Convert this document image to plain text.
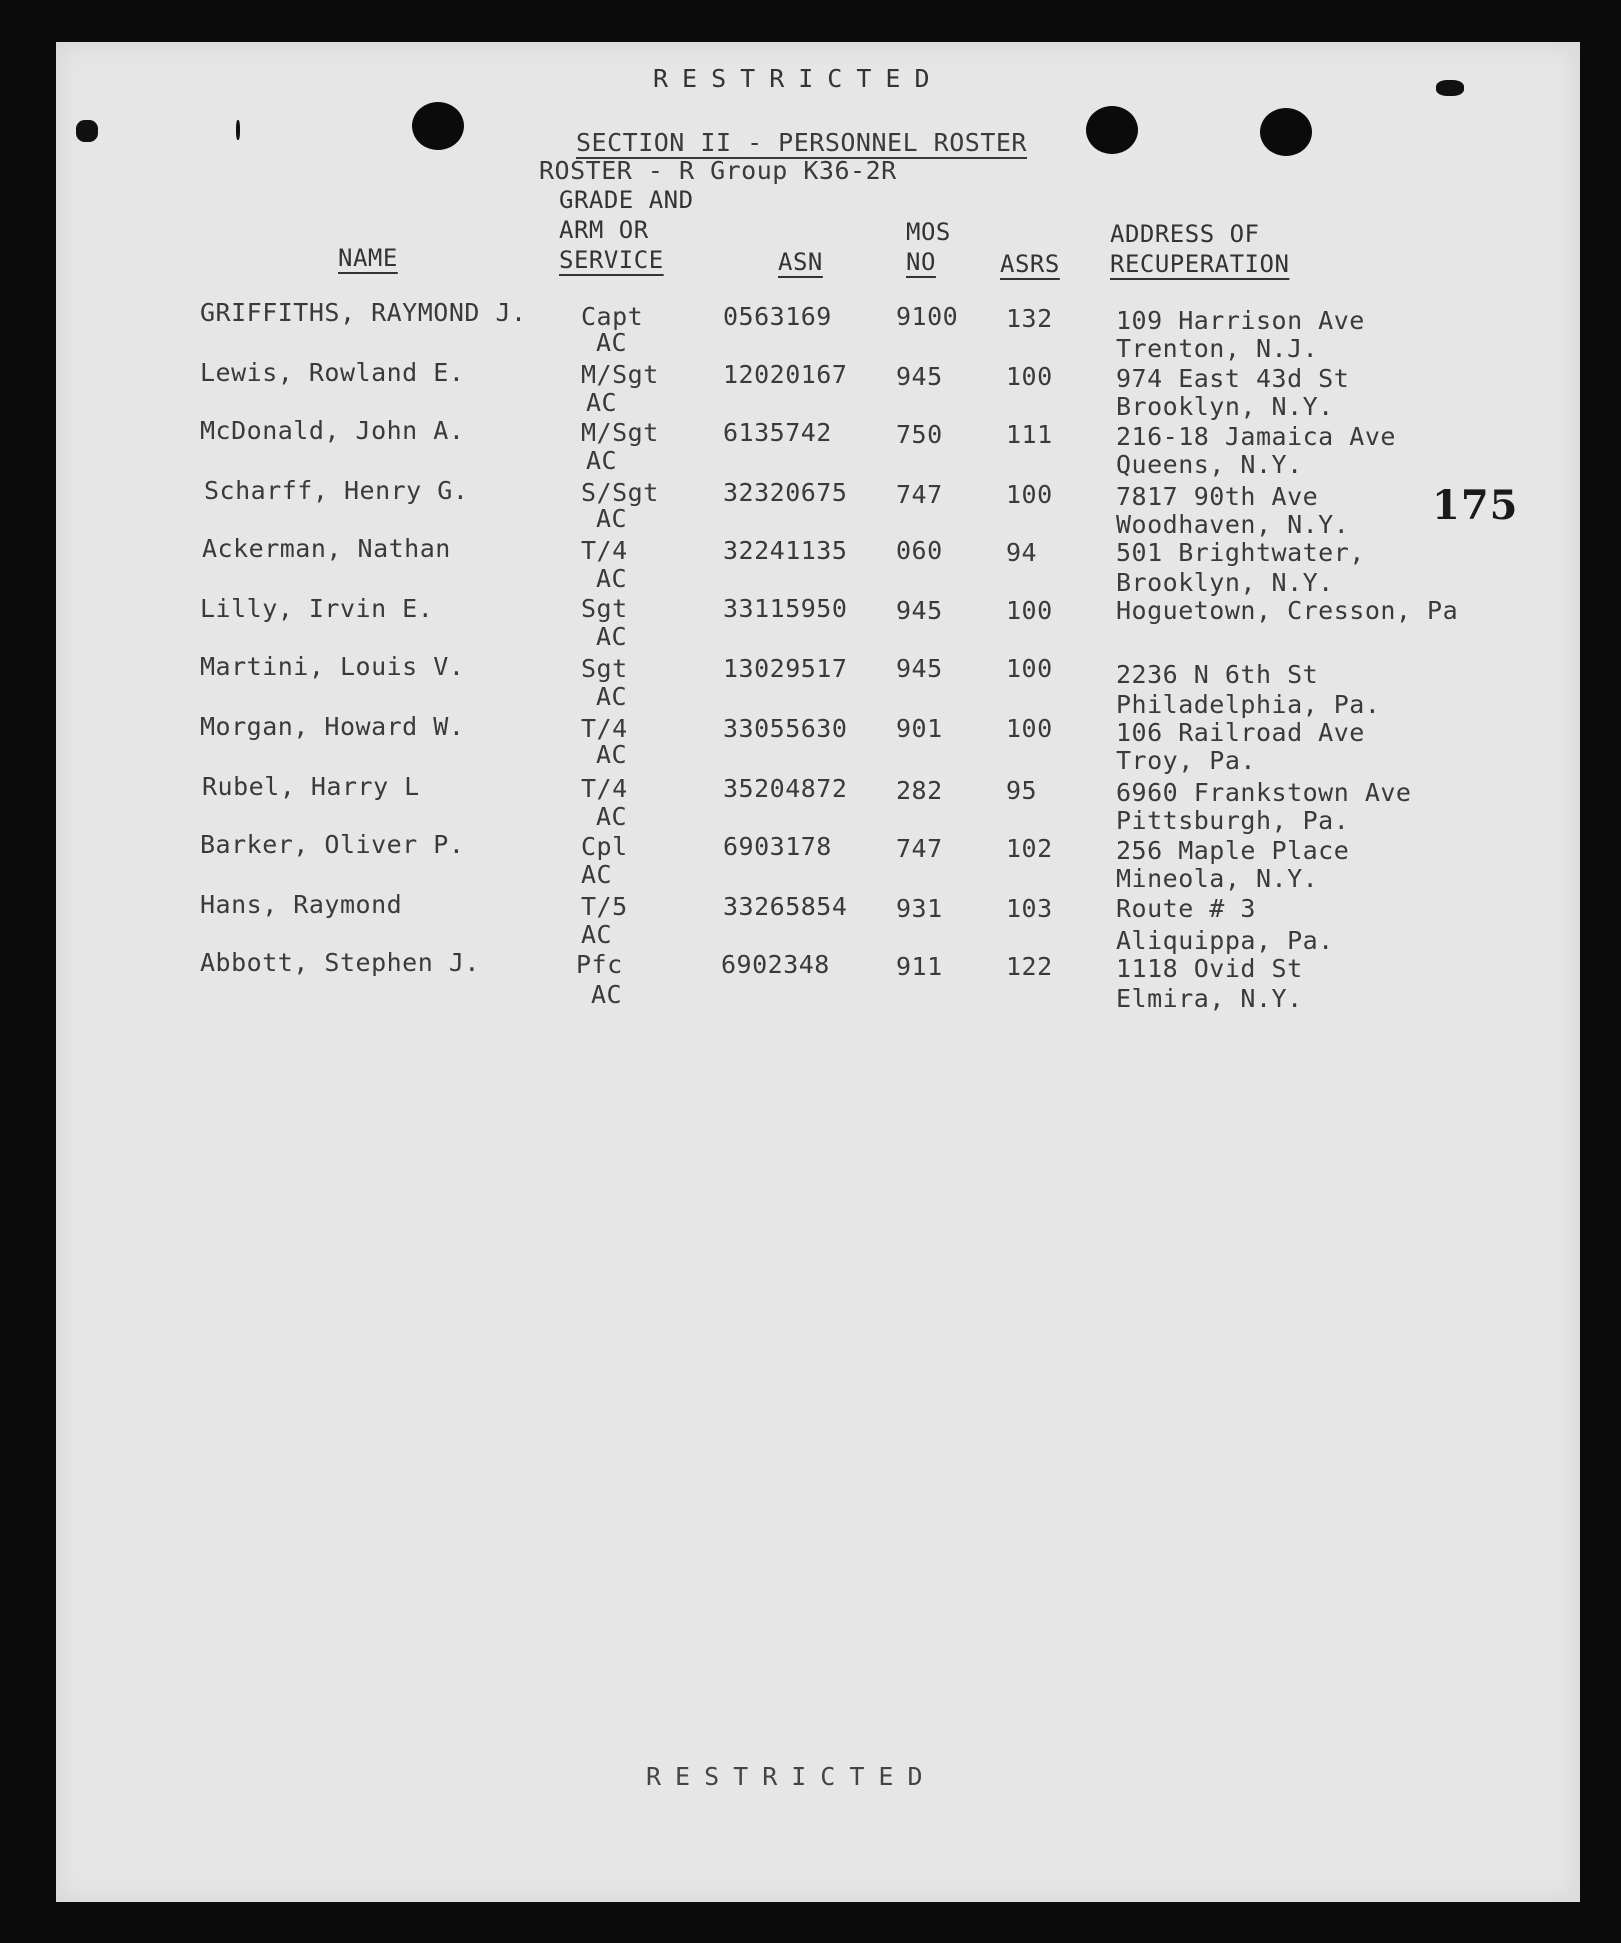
RESTRICTED
SECTION II - PERSONNEL ROSTER
ROSTER - R Group K36-2R
175
NAME
GRADE AND
ARM OR
SERVICE	ASN
MOS
NO	ASRS
ADDRESS OF
RECUPERATION
GRIFFITHS, RAYMOND J. Capt
AC
0563169	9100 132	109 Harrison Ave
Trenton, N.J.
Lewis, Rowland E.	M/Sgt
AC
12020167 945	100	974 East 43d St
Brooklyn, N.Y.
McDonald, John A.	M/Sgt
AC
6135742	750	111	216-18 Jamaica Ave
Queens, N.Y.
Scharff, Henry G.	S/Sgt
AC
32320675 747	100	7817 90th Ave
Woodhaven, N.Y.
Ackerman, Nathan	T/4
AC
32241135 060	94	501 Brightwater,
Brooklyn, N.Y.
Lilly, Irvin E.	Sgt
AC
33115950 945	100	Hoguetown, Cresson, Pa
Martini, Louis V.	Sgt
AC
13029517 945	100	2236 N 6th St
Philadelphia, Pa.
Morgan, Howard W.	T/4
AC
33055630 901	100	106 Railroad Ave
Troy, Pa.
Rubel, Harry L	T/4
AC
35204872 282	95	6960 Frankstown Ave
Pittsburgh, Pa.
Barker, Oliver P.	Cpl
AC
6903178	747	102	256 Maple Place
Mineola, N.Y.
Hans, Raymond	T/5
AC
33265854 931	103	Route # 3
Aliquippa, Pa.
Abbott, Stephen J.	Pfc
AC
6902348	911	122	1118 Ovid St
Elmira, N.Y.
RESTRICTED
